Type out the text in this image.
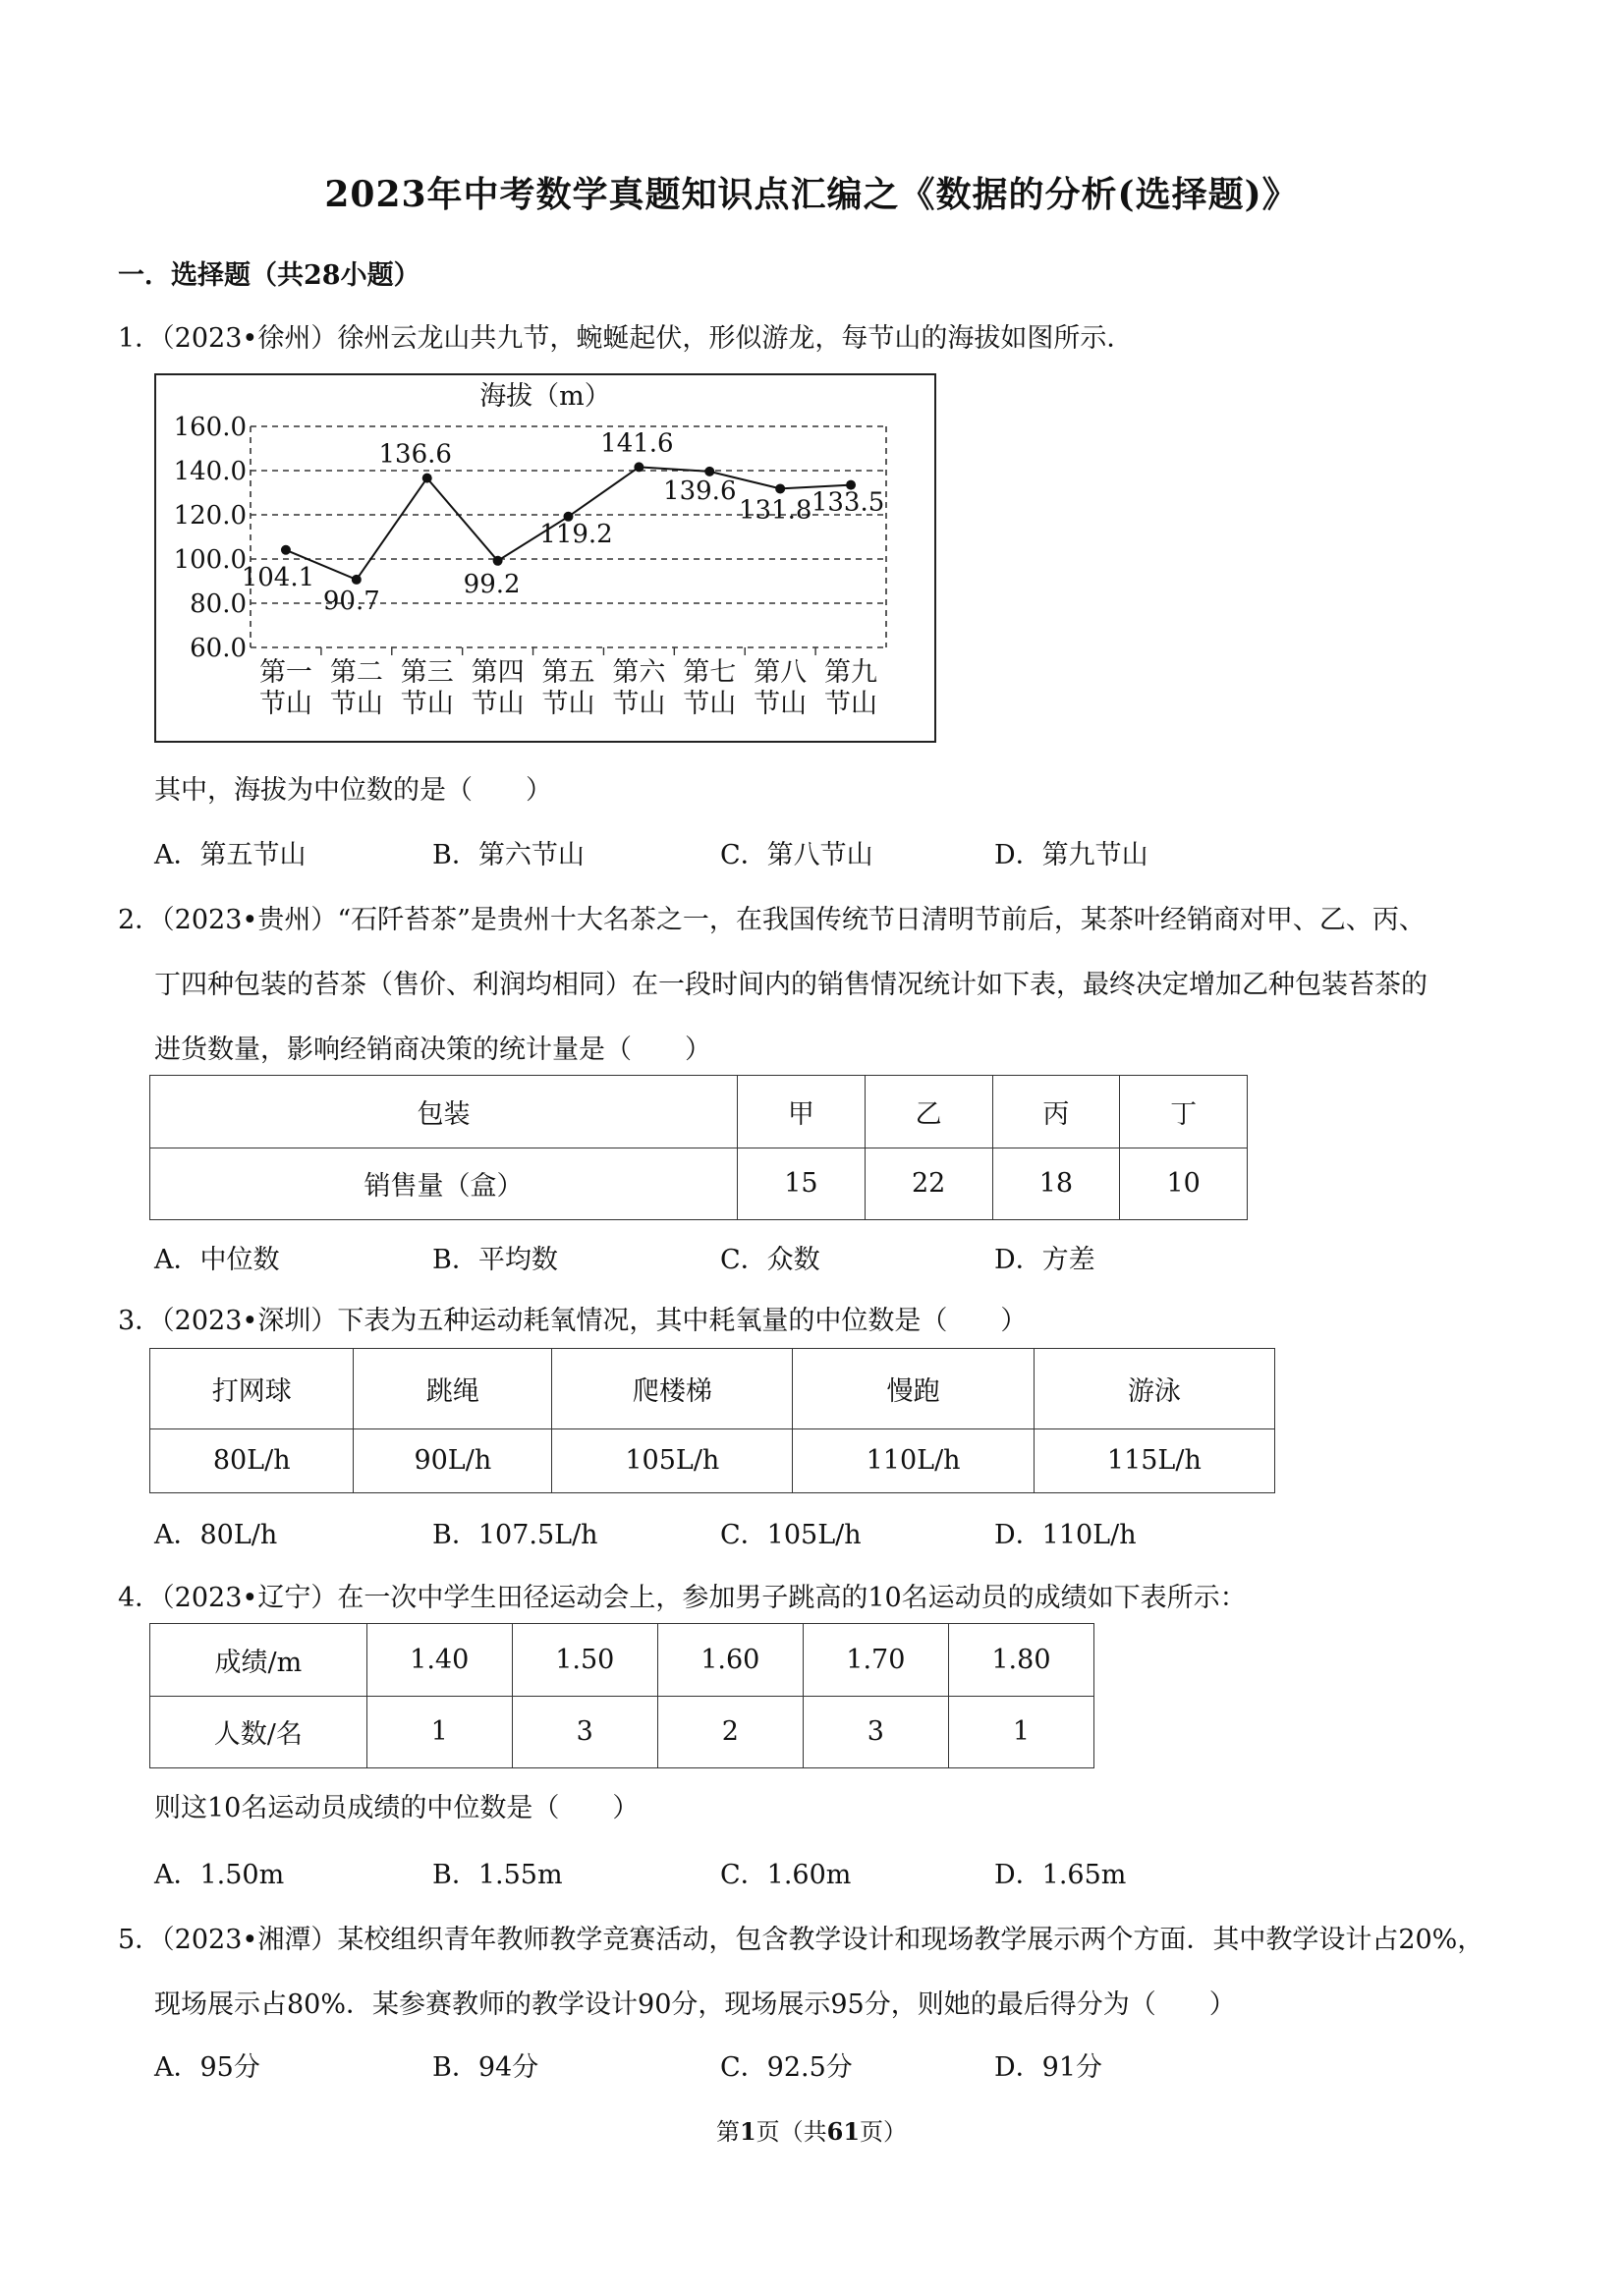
2023年中考数学真题知识点汇编之《数据的分析(选择题)》
一．选择题（共28小题）
1．（2023•徐州）徐州云龙山共九节，蜿蜒起伏，形似游龙，每节山的海拔如图所示．
海拔（m）
60.0
80.0
100.0
120.0
140.0
160.0
104.1
90.7
136.6
99.2
119.2
141.6
139.6
131.8 133.5
第一
节山
第二
节山
第三
节山
第四
节山
第五
节山
第六
节山
第七
节山
第八
节山
第九
节山
其中，海拔为中位数的是（　　）
A．第五节山	B．第六节山	C．第八节山	D．第九节山
2．（2023•贵州）“石阡苔茶”是贵州十大名茶之一，在我国传统节日清明节前后，某茶叶经销商对甲、乙、丙、
丁四种包装的苔茶（售价、利润均相同）在一段时间内的销售情况统计如下表，最终决定增加乙种包装苔茶的
进货数量，影响经销商决策的统计量是（　　）
包装	甲	乙	丙	丁
销售量（盒）	15	22	18	10
A．中位数	B．平均数	C．众数	D．方差
3．（2023•深圳）下表为五种运动耗氧情况，其中耗氧量的中位数是（　　）
打网球	跳绳	爬楼梯	慢跑	游泳
80L/h	90L/h	105L/h	110L/h	115L/h
A．80L/h	B．107.5L/h	C．105L/h	D．110L/h
4．（2023•辽宁）在一次中学生田径运动会上，参加男子跳高的10名运动员的成绩如下表所示：
成绩/m	1.40	1.50	1.60	1.70	1.80
人数/名	1	3	2	3	1
则这10名运动员成绩的中位数是（　　）
A．1.50m	B．1.55m	C．1.60m	D．1.65m
5．（2023•湘潭）某校组织青年教师教学竞赛活动，包含教学设计和现场教学展示两个方面．其中教学设计占20%，
现场展示占80%．某参赛教师的教学设计90分，现场展示95分，则她的最后得分为（　　）
A．95分	B．94分	C．92.5分	D．91分
第1页（共61页）
